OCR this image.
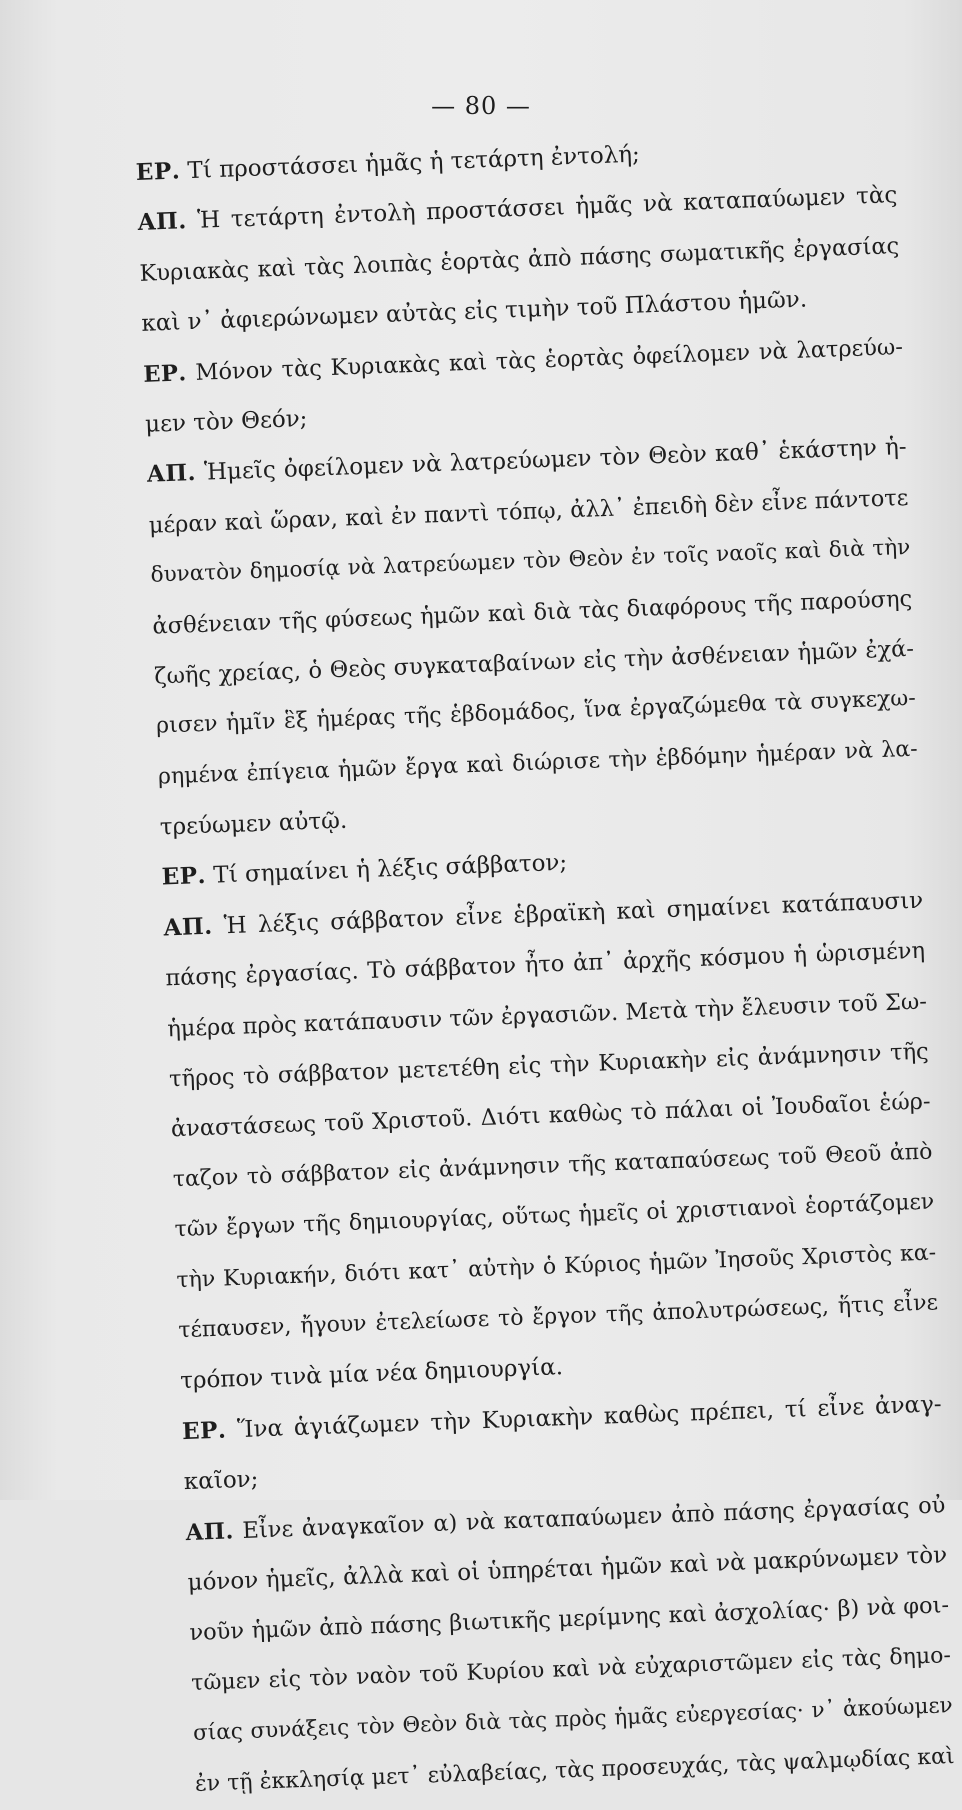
— 80 —
ΕΡ. Τί προστάσσει ἡμᾶς ἡ τετάρτη ἐντολή;
ΑΠ. Ἡ τετάρτη ἐντολὴ προστάσσει ἡμᾶς νὰ καταπαύωμεν τὰς
Κυριακὰς καὶ τὰς λοιπὰς ἑορτὰς ἀπὸ πάσης σωματικῆς ἐργασίας
καὶ ν᾽ ἀφιερώνωμεν αὐτὰς εἰς τιμὴν τοῦ Πλάστου ἡμῶν.
ΕΡ. Μόνον τὰς Κυριακὰς καὶ τὰς ἑορτὰς ὀφείλομεν νὰ λατρεύω-
μεν τὸν Θεόν;
ΑΠ. Ἡμεῖς ὀφείλομεν νὰ λατρεύωμεν τὸν Θεὸν καθ᾽ ἑκάστην ἡ-
μέραν καὶ ὥραν, καὶ ἐν παντὶ τόπῳ, ἀλλ᾽ ἐπειδὴ δὲν εἶνε πάντοτε
δυνατὸν δημοσίᾳ νὰ λατρεύωμεν τὸν Θεὸν ἐν τοῖς ναοῖς καὶ διὰ τὴν
ἀσθένειαν τῆς φύσεως ἡμῶν καὶ διὰ τὰς διαφόρους τῆς παρούσης
ζωῆς χρείας, ὁ Θεὸς συγκαταβαίνων εἰς τὴν ἀσθένειαν ἡμῶν ἐχά-
ρισεν ἡμῖν ἓξ ἡμέρας τῆς ἑβδομάδος, ἵνα ἐργαζώμεθα τὰ συγκεχω-
ρημένα ἐπίγεια ἡμῶν ἔργα καὶ διώρισε τὴν ἑβδόμην ἡμέραν νὰ λα-
τρεύωμεν αὐτῷ.
ΕΡ. Τί σημαίνει ἡ λέξις σάββατον;
ΑΠ. Ἡ λέξις σάββατον εἶνε ἑβραϊκὴ καὶ σημαίνει κατάπαυσιν
πάσης ἐργασίας. Τὸ σάββατον ἦτο ἀπ᾽ ἀρχῆς κόσμου ἡ ὡρισμένη
ἡμέρα πρὸς κατάπαυσιν τῶν ἐργασιῶν. Μετὰ τὴν ἔλευσιν τοῦ Σω-
τῆρος τὸ σάββατον μετετέθη εἰς τὴν Κυριακὴν εἰς ἀνάμνησιν τῆς
ἀναστάσεως τοῦ Χριστοῦ. Διότι καθὼς τὸ πάλαι οἱ Ἰουδαῖοι ἑώρ-
ταζον τὸ σάββατον εἰς ἀνάμνησιν τῆς καταπαύσεως τοῦ Θεοῦ ἀπὸ
τῶν ἔργων τῆς δημιουργίας, οὕτως ἡμεῖς οἱ χριστιανοὶ ἑορτάζομεν
τὴν Κυριακήν, διότι κατ᾽ αὐτὴν ὁ Κύριος ἡμῶν Ἰησοῦς Χριστὸς κα-
τέπαυσεν, ἤγουν ἐτελείωσε τὸ ἔργον τῆς ἀπολυτρώσεως, ἥτις εἶνε
τρόπον τινὰ μία νέα δημιουργία.
ΕΡ. Ἵνα ἁγιάζωμεν τὴν Κυριακὴν καθὼς πρέπει, τί εἶνε ἀναγ-
καῖον;
ΑΠ. Εἶνε ἀναγκαῖον α) νὰ καταπαύωμεν ἀπὸ πάσης ἐργασίας οὐ
μόνον ἡμεῖς, ἀλλὰ καὶ οἱ ὑπηρέται ἡμῶν καὶ νὰ μακρύνωμεν τὸν
νοῦν ἡμῶν ἀπὸ πάσης βιωτικῆς μερίμνης καὶ ἀσχολίας· β) νὰ φοι-
τῶμεν εἰς τὸν ναὸν τοῦ Κυρίου καὶ νὰ εὐχαριστῶμεν εἰς τὰς δημο-
σίας συνάξεις τὸν Θεὸν διὰ τὰς πρὸς ἡμᾶς εὐεργεσίας· ν᾽ ἀκούωμεν
ἐν τῇ ἐκκλησίᾳ μετ᾽ εὐλαβείας, τὰς προσευχάς, τὰς ψαλμῳδίας καὶ
